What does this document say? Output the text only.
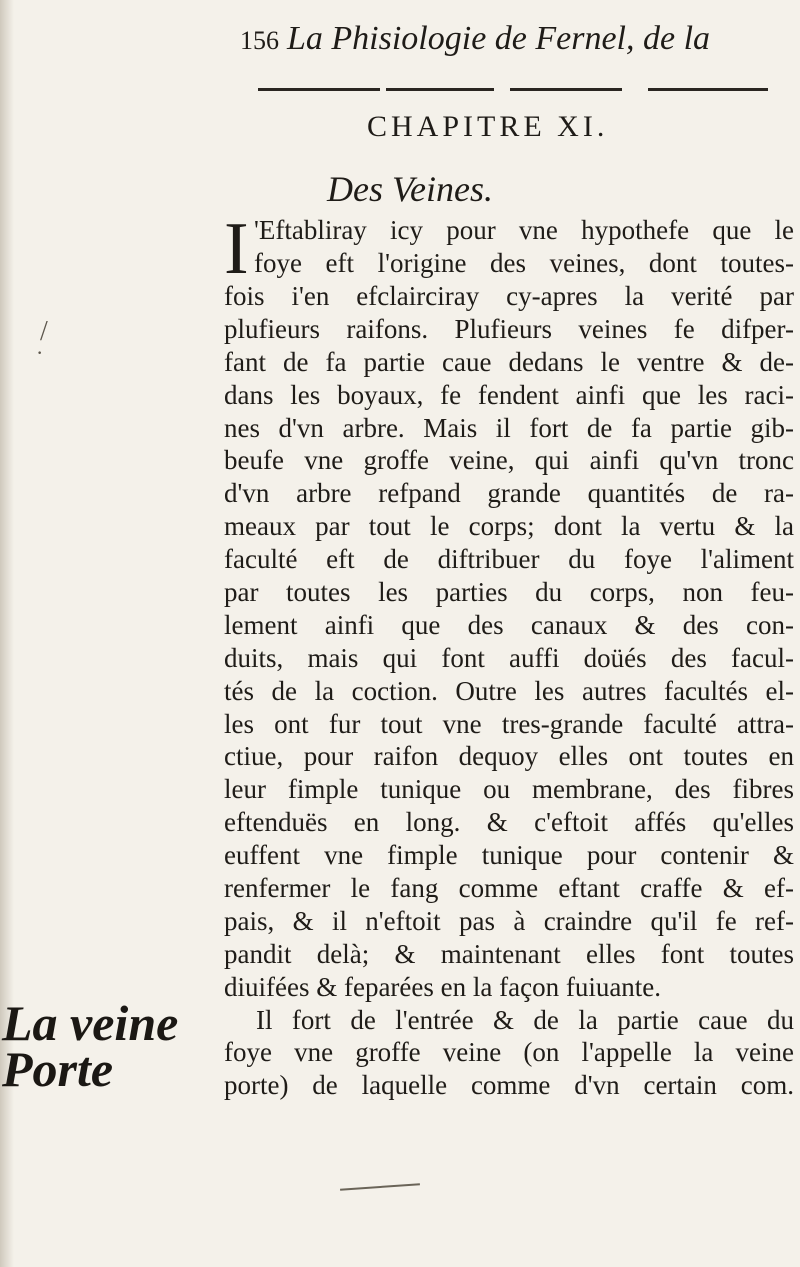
156 La Phisiologie de Fernel, de la
CHAPITRE XI.
Des Veines.
I 'Eftabliray icy pour vne hypothefe que le
foye eft l'origine des veines, dont toutes-
fois i'en efclairciray cy-apres la verité par
plufieurs raifons. Plufieurs veines fe difper-
fant de fa partie caue dedans le ventre & de-
dans les boyaux, fe fendent ainfi que les raci-
nes d'vn arbre. Mais il fort de fa partie gib-
beufe vne groffe veine, qui ainfi qu'vn tronc
d'vn arbre refpand grande quantités de ra-
meaux par tout le corps; dont la vertu & la
faculté eft de diftribuer du foye l'aliment
par toutes les parties du corps, non feu-
lement ainfi que des canaux & des con-
duits, mais qui font auffi doüés des facul-
tés de la coction. Outre les autres facultés el-
les ont fur tout vne tres-grande faculté attra-
ctiue, pour raifon dequoy elles ont toutes en
leur fimple tunique ou membrane, des fibres
eftenduës en long. & c'eftoit affés qu'elles
euffent vne fimple tunique pour contenir &
renfermer le fang comme eftant craffe & ef-
pais, & il n'eftoit pas à craindre qu'il fe ref-
pandit delà; & maintenant elles font toutes
diuifées & feparées en la façon fuiuante.
Il fort de l'entrée & de la partie caue du
foye vne groffe veine (on l'appelle la veine
porte) de laquelle comme d'vn certain com.
La veine
Porte
/
·
